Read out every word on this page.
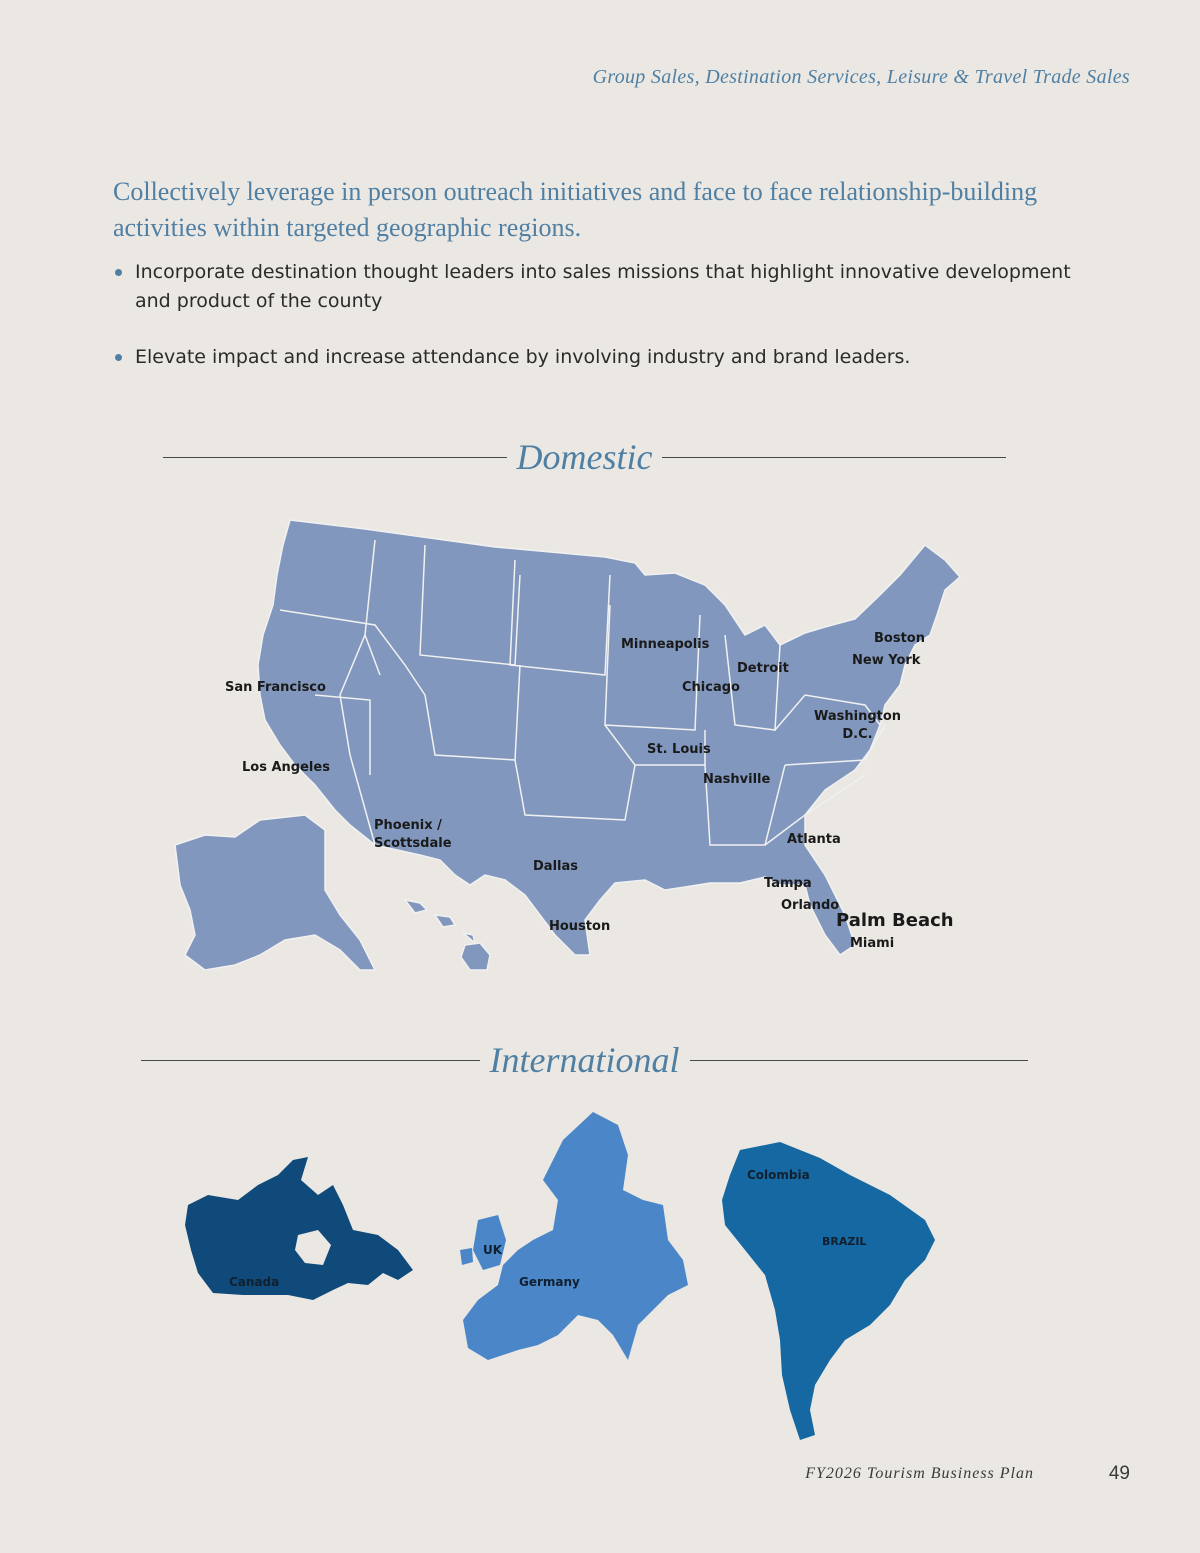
Group Sales, Destination Services, Leisure & Travel Trade Sales
Collectively leverage in person outreach initiatives and face to face relationship-building activities within targeted geographic regions.
Incorporate destination thought leaders into sales missions that highlight innovative development and product of the county
Elevate impact and increase attendance by involving industry and brand leaders.
Domestic
San Francisco
Los Angeles
Phoenix / Scottsdale
Dallas
Houston
Minneapolis
Chicago
Detroit
St. Louis
Nashville
Atlanta
Tampa
Orlando
Palm Beach
Miami
Washington D.C.
New York
Boston
International
Canada
UK
Germany
Colombia
BRAZIL
FY2026 Tourism Business Plan	49
